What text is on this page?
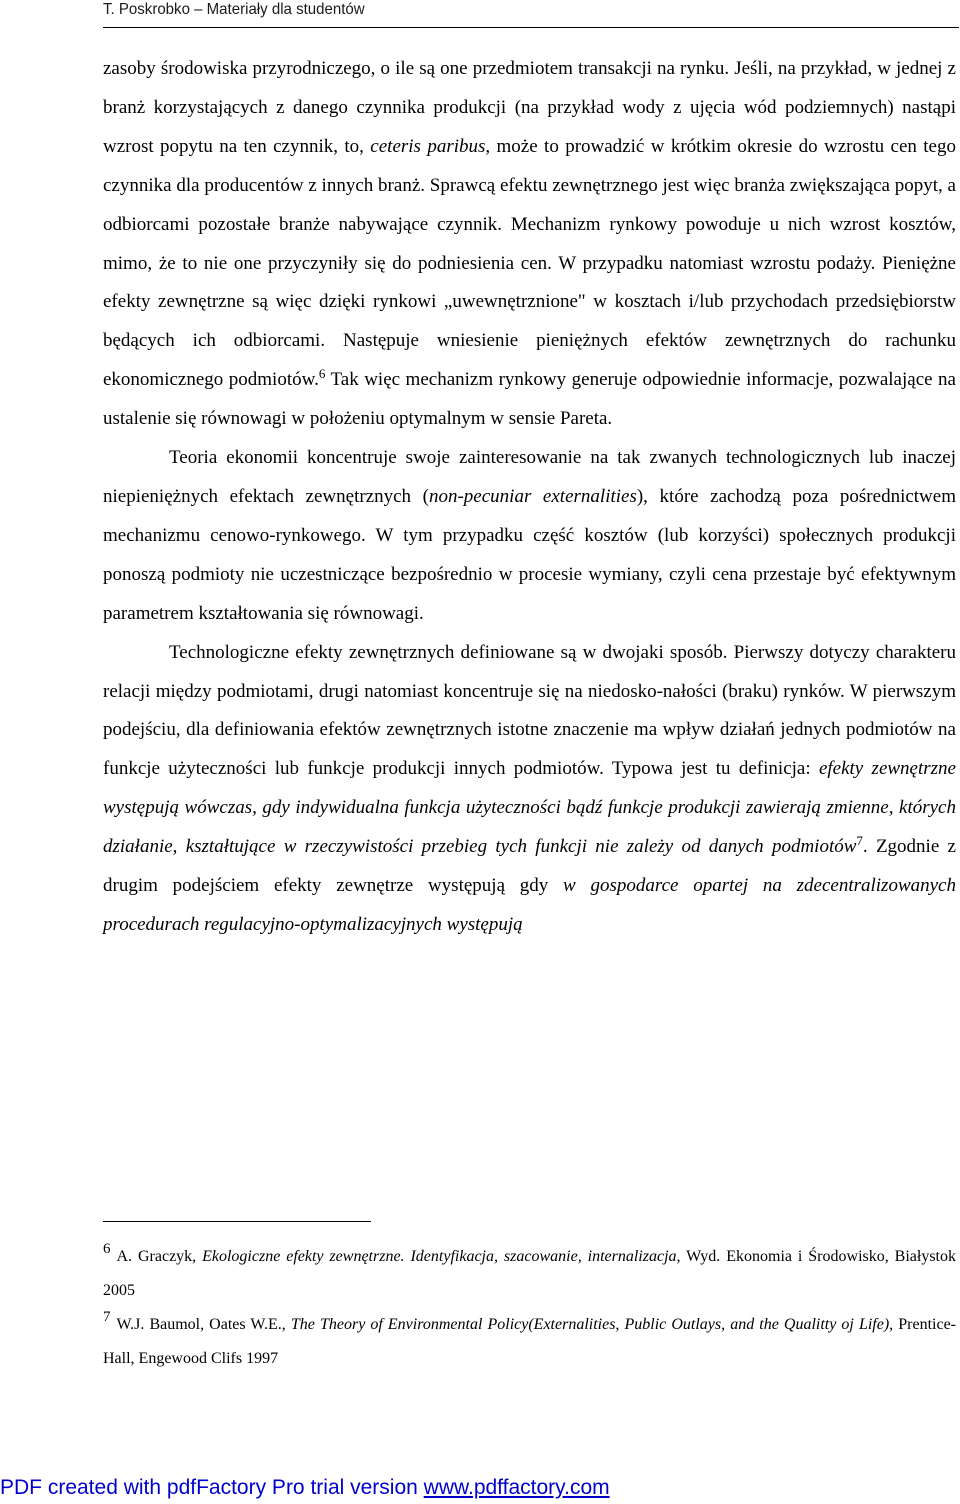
T. Poskrobko – Materiały dla studentów

zasoby środowiska przyrodniczego, o ile są one przedmiotem transakcji na rynku. Jeśli, na przykład, w jednej z branż korzystających z danego czynnika produkcji (na przykład wody z ujęcia wód podziemnych) nastąpi wzrost popytu na ten czynnik, to, ceteris paribus, może to prowadzić w krótkim okresie do wzrostu cen tego czynnika dla producentów z innych branż. Sprawcą efektu zewnętrznego jest więc branża zwiększająca popyt, a odbiorcami pozostałe branże nabywające czynnik. Mechanizm rynkowy powoduje u nich wzrost kosztów, mimo, że to nie one przyczyniły się do podniesienia cen. W przypadku natomiast wzrostu podaży. Pieniężne efekty zewnętrzne są więc dzięki rynkowi „uwewnętrznione" w kosztach i/lub przychodach przedsiębiorstw będących ich odbiorcami. Następuje wniesienie pieniężnych efektów zewnętrznych do rachunku ekonomicznego podmiotów.$^6$ Tak więc mechanizm rynkowy generuje odpowiednie informacje, pozwalające na ustalenie się równowagi w położeniu optymalnym w sensie Pareta.

Teoria ekonomii koncentruje swoje zainteresowanie na tak zwanych technologicznych lub inaczej niepieniężnych efektach zewnętrznych (non-pecuniar externalities), które zachodzą poza pośrednictwem mechanizmu cenowo-rynkowego. W tym przypadku część kosztów (lub korzyści) społecznych produkcji ponoszą podmioty nie uczestniczące bezpośrednio w procesie wymiany, czyli cena przestaje być efektywnym parametrem kształtowania się równowagi.

Technologiczne efekty zewnętrznych definiowane są w dwojaki sposób. Pierwszy dotyczy charakteru relacji między podmiotami, drugi natomiast koncentruje się na niedosko-nałości (braku) rynków. W pierwszym podejściu, dla definiowania efektów zewnętrznych istotne znaczenie ma wpływ działań jednych podmiotów na funkcje użyteczności lub funkcje produkcji innych podmiotów. Typowa jest tu definicja: efekty zewnętrzne występują wówczas, gdy indywidualna funkcja użyteczności bądź funkcje produkcji zawierają zmienne, których działanie, kształtujące w rzeczywistości przebieg tych funkcji nie zależy od danych podmiotów$^7$. Zgodnie z drugim podejściem efekty zewnętrze występują gdy w gospodarce opartej na zdecentralizowanych procedurach regulacyjno-optymalizacyjnych występują

$^6$ A. Graczyk, Ekologiczne efekty zewnętrzne. Identyfikacja, szacowanie, internalizacja, Wyd. Ekonomia i Środowisko, Białystok 2005

$^7$ W.J. Baumol, Oates W.E., The Theory of Environmental Policy(Externalities, Public Outlays, and the Qualitty oj Life), Prentice-Hall, Engewood Clifs 1997

PDF created with pdfFactory Pro trial version www.pdffactory.com
